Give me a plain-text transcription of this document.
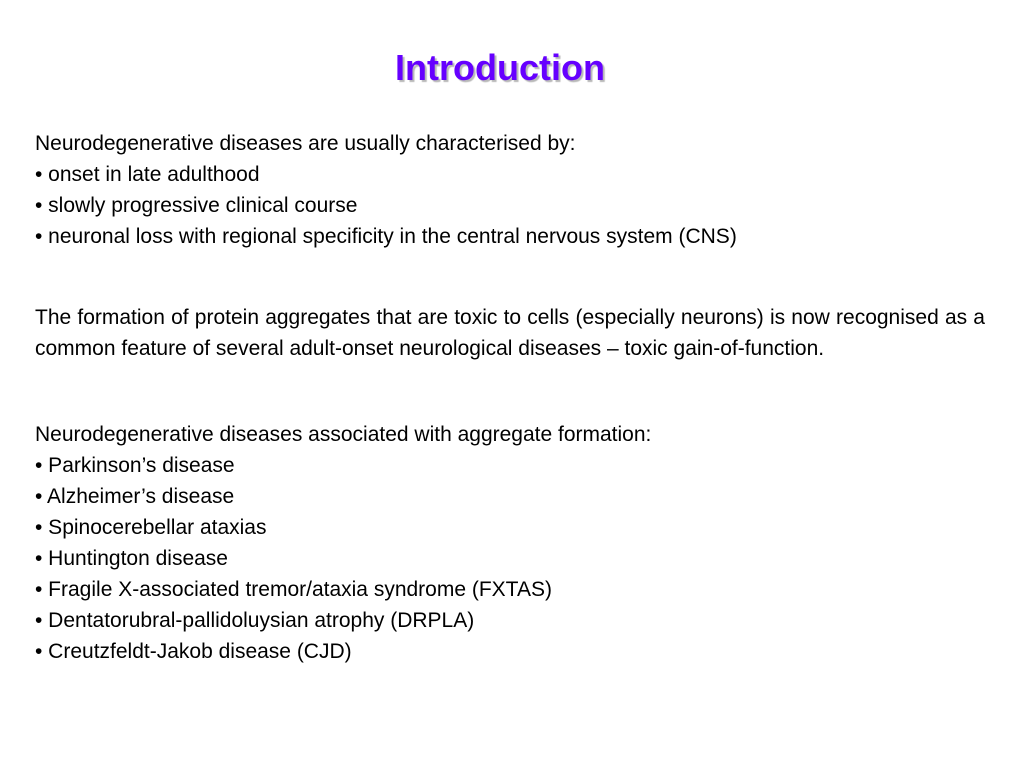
Introduction

Neurodegenerative diseases are usually characterised by:

• onset in late adulthood

• slowly progressive clinical course

• neuronal loss with regional specificity in the central nervous system (CNS)

The formation of protein aggregates that are toxic to cells (especially neurons) is now recognised as a common feature of several adult-onset neurological diseases – toxic gain-of-function.

Neurodegenerative diseases associated with aggregate formation:

• Parkinson’s disease

• Alzheimer’s disease

• Spinocerebellar ataxias

• Huntington disease

• Fragile X-associated tremor/ataxia syndrome (FXTAS)

• Dentatorubral-pallidoluysian atrophy (DRPLA)

• Creutzfeldt-Jakob disease (CJD)
